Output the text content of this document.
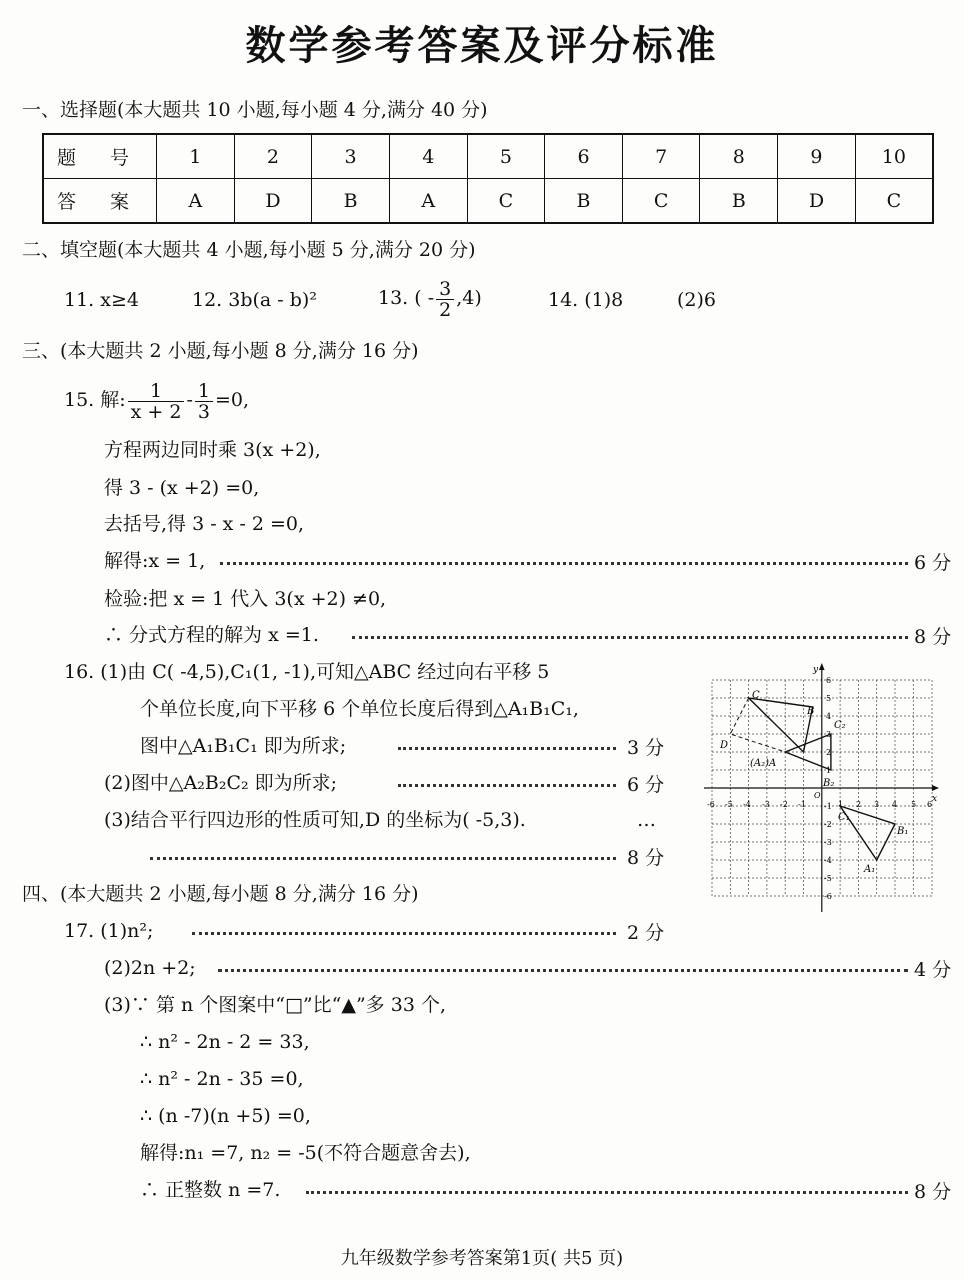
数学参考答案及评分标准
一、选择题(本大题共 10 小题,每小题 4 分,满分 40 分)
题 号	1	2	3	4	5	6	7	8	9	10
答 案	A	D	B	A	C	B	C	B	D	C
二、填空题(本大题共 4 小题,每小题 5 分,满分 20 分)
11. x≥4	12. 3b(a - b)²	13. ( - $\frac{3}{2} ,4$)	14. (1)8	(2)6
三、(本大题共 2 小题,每小题 8 分,满分 16 分)
15. 解: $\frac{1}{x + 2} - \frac{1}{3} =0$,
方程两边同时乘 3(x +2),
得 3 - (x +2) =0,
去括号,得 3 - x - 2 =0,
解得:x = 1,	6 分
检验:把 x = 1 代入 3(x +2) ≠0,
∴ 分式方程的解为 x =1.	8 分
16. (1)由 C( -4,5),C₁(1, -1),可知△ABC 经过向右平移 5
个单位长度,向下平移 6 个单位长度后得到△A₁B₁C₁,
图中△A₁B₁C₁ 即为所求;	3 分
(2)图中△A₂B₂C₂ 即为所求;	6 分
(3)结合平行四边形的性质可知,D 的坐标为( -5,3).	…
8 分
y
x
-6 -5 -4 -3 -2 -1	1 2 3 4 5 6
6
5
4
3
2
1
-1
-2
-3
-4
-5
-6
C
B
C₂
D
(A₂)A
B₂
C₁
B₁
A₁
O
四、(本大题共 2 小题,每小题 8 分,满分 16 分)
17. (1)n²;	2 分
(2)2n +2;	4 分
(3)∵ 第 n 个图案中“□”比“▲”多 33 个,
∴ n² - 2n - 2 = 33,
∴ n² - 2n - 35 =0,
∴ (n -7)(n +5) =0,
解得:n₁ =7, n₂ = -5(不符合题意舍去),
∴ 正整数 n =7.	8 分
九年级数学参考答案第1页( 共5 页)
